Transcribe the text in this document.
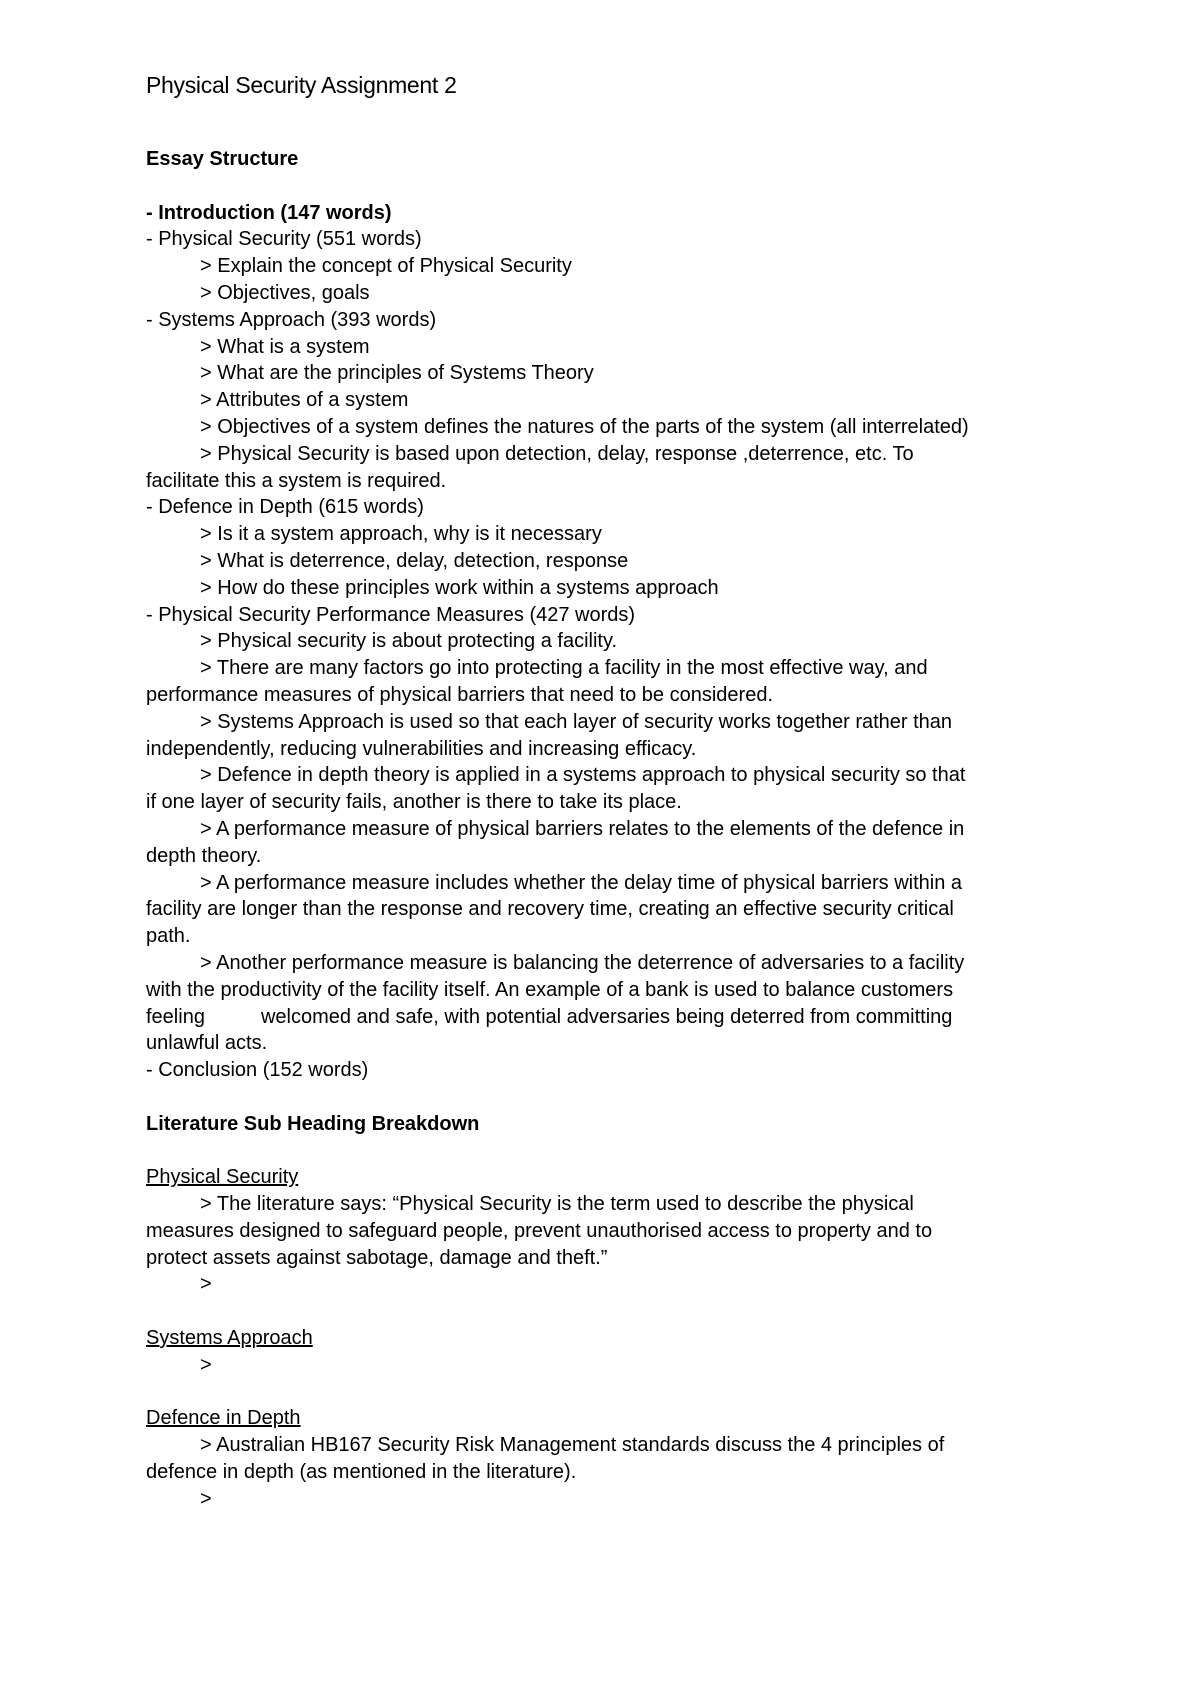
Physical Security Assignment 2
Essay Structure
- Introduction (147 words)
- Physical Security (551 words)
> Explain the concept of Physical Security
> Objectives, goals
- Systems Approach (393 words)
> What is a system
> What are the principles of Systems Theory
> Attributes of a system
> Objectives of a system defines the natures of the parts of the system (all interrelated)
> Physical Security is based upon detection, delay, response ,deterrence, etc. To
facilitate this a system is required.
- Defence in Depth (615 words)
> Is it a system approach, why is it necessary
> What is deterrence, delay, detection, response
> How do these principles work within a systems approach
- Physical Security Performance Measures (427 words)
> Physical security is about protecting a facility.
> There are many factors go into protecting a facility in the most effective way, and
performance measures of physical barriers that need to be considered.
> Systems Approach is used so that each layer of security works together rather than
independently, reducing vulnerabilities and increasing efficacy.
> Defence in depth theory is applied in a systems approach to physical security so that
if one layer of security fails, another is there to take its place.
> A performance measure of physical barriers relates to the elements of the defence in
depth theory.
> A performance measure includes whether the delay time of physical barriers within a
facility are longer than the response and recovery time, creating an effective security critical
path.
> Another performance measure is balancing the deterrence of adversaries to a facility
with the productivity of the facility itself. An example of a bank is used to balance customers
feeling	welcomed and safe, with potential adversaries being deterred from committing
unlawful acts.
- Conclusion (152 words)
Literature Sub Heading Breakdown
Physical Security
> The literature says: “Physical Security is the term used to describe the physical
measures designed to safeguard people, prevent unauthorised access to property and to
protect assets against sabotage, damage and theft.”
>
Systems Approach
>
Defence in Depth
> Australian HB167 Security Risk Management standards discuss the 4 principles of
defence in depth (as mentioned in the literature).
>
